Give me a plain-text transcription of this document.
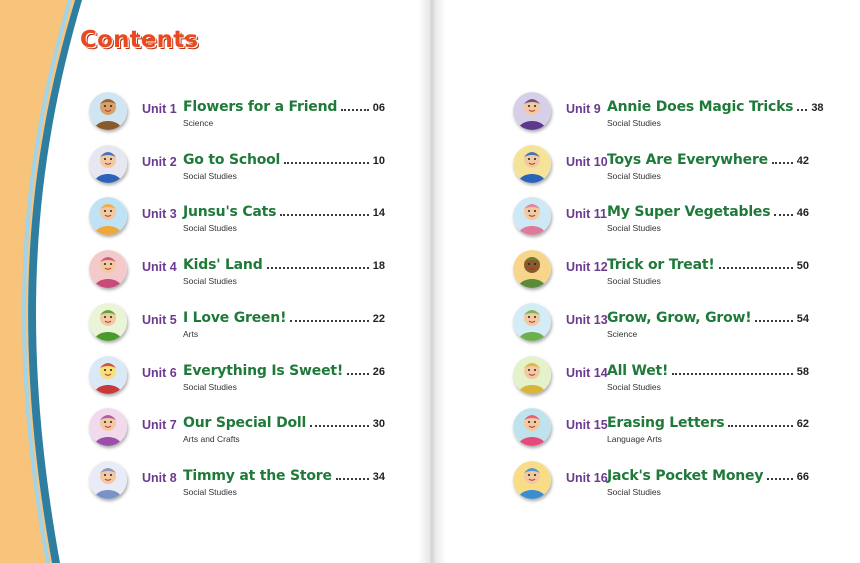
Contents
Unit 1 Flowers for a Friend	06
Science
Unit 2 Go to School	10
Social Studies
Unit 3 Junsu's Cats	14
Social Studies
Unit 4 Kids' Land	18
Social Studies
Unit 5 I Love Green!	22
Arts
Unit 6 Everything Is Sweet!	26
Social Studies
Unit 7 Our Special Doll	30
Arts and Crafts
Unit 8 Timmy at the Store	34
Social Studies
Unit 9 Annie Does Magic Tricks 38
Social Studies
Unit 10 Toys Are Everywhere	42
Social Studies
Unit 11 My Super Vegetables 46
Social Studies
Unit 12 Trick or Treat!	50
Social Studies
Unit 13 Grow, Grow, Grow!	54
Science
Unit 14 All Wet!	58
Social Studies
Unit 15 Erasing Letters	62
Language Arts
Unit 16 Jack's Pocket Money	66
Social Studies
